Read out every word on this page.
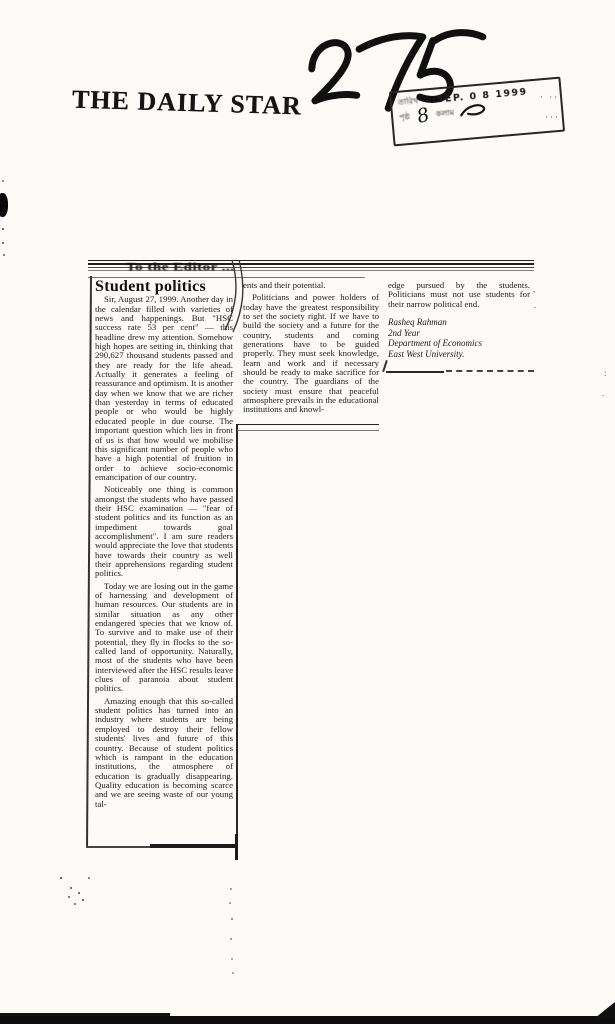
THE DAILY STAR	তারিখ ··· SEP. 0 8 1999
পৃষ্ঠ 8 কলাম
· ···
···
To the Editor ...
Student politics

Sir, August 27, 1999. Another day in the calendar filled with varieties of news and happenings. But "HSC success rate 53 per cent" — this headline drew my attention. Somehow high hopes are setting in, thinking that 290,627 thousand students passed and they are ready for the life ahead. Actually it generates a feeling of reassurance and optimism. It is another day when we know that we are richer than yesterday in terms of educated people or who would be highly educated people in due course. The important question which lies in front of us is that how would we mobilise this significant number of people who have a high potential of fruition in order to achieve socio-economic emancipation of our country.

Noticeably one thing is common amongst the students who have passed their HSC examination — "fear of student politics and its function as an impediment towards goal accomplishment". I am sure readers would appreciate the love that students have towards their country as well their apprehensions regarding student politics.

Today we are losing out in the game of harnessing and development of human resources. Our students are in similar situation as any other endangered species that we know of. To survive and to make use of their potential, they fly in flocks to the so-called land of opportunity. Naturally, most of the students who have been interviewed after the HSC results leave clues of paranoia about student politics.

Amazing enough that this so-called student politics has turned into an industry where students are being employed to destroy their fellow students' lives and future of this country. Because of student politics which is rampant in the education institutions, the atmosphere of education is gradually disappearing. Quality education is becoming scarce and we are seeing waste of our young tal-

ents and their potential.

Politicians and power holders of today have the greatest responsibility to set the society right. If we have to build the society and a future for the country, students and coming generations have to be guided properly. They must seek knowledge, learn and work and if necessary should be ready to make sacrifice for the country. The guardians of the society must ensure that peaceful atmosphere prevails in the educational institutions and knowl-

edge pursued by the students. Politicians must not use students for their narrow political end.

Rasheq Rahman
2nd Year
Department of Economics
East West University.
,
.
:
.
